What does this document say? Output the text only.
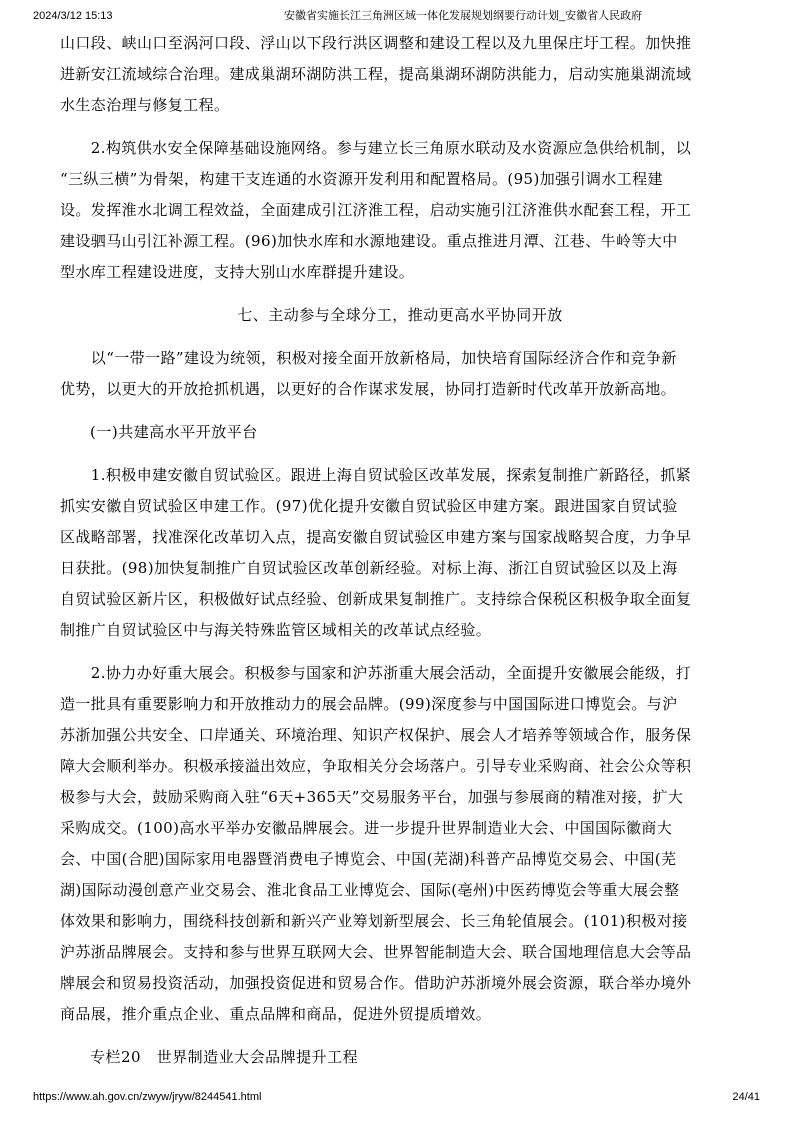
2024/3/12 15:13	安徽省实施长江三角洲区域一体化发展规划纲要行动计划_安徽省人民政府
山口段、峡山口至涡河口段、浮山以下段行洪区调整和建设工程以及九里保庄圩工程。加快推
进新安江流域综合治理。建成巢湖环湖防洪工程，提高巢湖环湖防洪能力，启动实施巢湖流域
水生态治理与修复工程。
　　2.构筑供水安全保障基础设施网络。参与建立长三角原水联动及水资源应急供给机制，以
“三纵三横”为骨架，构建干支连通的水资源开发利用和配置格局。(95)加强引调水工程建
设。发挥淮水北调工程效益，全面建成引江济淮工程，启动实施引江济淮供水配套工程，开工
建设驷马山引江补源工程。(96)加快水库和水源地建设。重点推进月潭、江巷、牛岭等大中
型水库工程建设进度，支持大别山水库群提升建设。
七、主动参与全球分工，推动更高水平协同开放
　　以“一带一路”建设为统领，积极对接全面开放新格局，加快培育国际经济合作和竞争新
优势，以更大的开放抢抓机遇，以更好的合作谋求发展，协同打造新时代改革开放新高地。
(一)共建高水平开放平台
　　1.积极申建安徽自贸试验区。跟进上海自贸试验区改革发展，探索复制推广新路径，抓紧
抓实安徽自贸试验区申建工作。(97)优化提升安徽自贸试验区申建方案。跟进国家自贸试验
区战略部署，找准深化改革切入点，提高安徽自贸试验区申建方案与国家战略契合度，力争早
日获批。(98)加快复制推广自贸试验区改革创新经验。对标上海、浙江自贸试验区以及上海
自贸试验区新片区，积极做好试点经验、创新成果复制推广。支持综合保税区积极争取全面复
制推广自贸试验区中与海关特殊监管区域相关的改革试点经验。
　　2.协力办好重大展会。积极参与国家和沪苏浙重大展会活动，全面提升安徽展会能级，打
造一批具有重要影响力和开放推动力的展会品牌。(99)深度参与中国国际进口博览会。与沪
苏浙加强公共安全、口岸通关、环境治理、知识产权保护、展会人才培养等领域合作，服务保
障大会顺利举办。积极承接溢出效应，争取相关分会场落户。引导专业采购商、社会公众等积
极参与大会，鼓励采购商入驻“6天+365天”交易服务平台，加强与参展商的精准对接，扩大
采购成交。(100)高水平举办安徽品牌展会。进一步提升世界制造业大会、中国国际徽商大
会、中国(合肥)国际家用电器暨消费电子博览会、中国(芜湖)科普产品博览交易会、中国(芜
湖)国际动漫创意产业交易会、淮北食品工业博览会、国际(亳州)中医药博览会等重大展会整
体效果和影响力，围绕科技创新和新兴产业筹划新型展会、长三角轮值展会。(101)积极对接
沪苏浙品牌展会。支持和参与世界互联网大会、世界智能制造大会、联合国地理信息大会等品
牌展会和贸易投资活动，加强投资促进和贸易合作。借助沪苏浙境外展会资源，联合举办境外
商品展，推介重点企业、重点品牌和商品，促进外贸提质增效。
专栏20　世界制造业大会品牌提升工程
https://www.ah.gov.cn/zwyw/jryw/8244541.html	24/41
